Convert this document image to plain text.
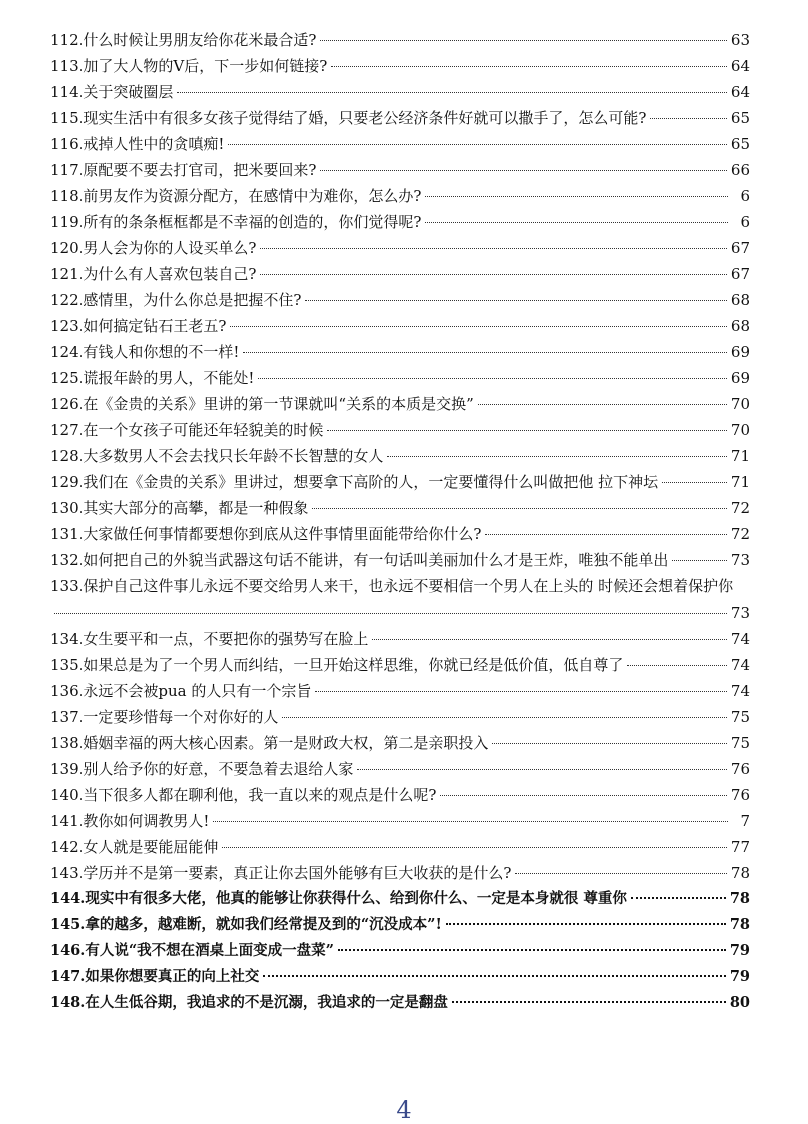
112. 什么时候让男朋友给你花米最合适?	63
113. 加了大人物的V后，下一步如何链接?	64
114. 关于突破圈层	64
115. 现实生活中有很多女孩子觉得结了婚，只要老公经济条件好就可以撒手了，怎么可能?	65
116. 戒掉人性中的贪嗔痴!	65
117. 原配要不要去打官司，把米要回来?	66
118. 前男友作为资源分配方，在感情中为难你，怎么办?	6
119. 所有的条条框框都是不幸福的创造的，你们觉得呢?	6
120. 男人会为你的人设买单么?	67
121. 为什么有人喜欢包装自己?	67
122. 感情里，为什么你总是把握不住?	68
123. 如何搞定钻石王老五?	68
124. 有钱人和你想的不一样!	69
125. 谎报年龄的男人，不能处!	69
126. 在《金贵的关系》里讲的第一节课就叫“关系的本质是交换”	70
127. 在一个女孩子可能还年轻貌美的时候	70
128. 大多数男人不会去找只长年龄不长智慧的女人	71
129. 我们在《金贵的关系》里讲过，想要拿下高阶的人，一定要懂得什么叫做把他 拉下神坛	71
130. 其实大部分的高攀，都是一种假象	72
131. 大家做任何事情都要想你到底从这件事情里面能带给你什么?	72
132. 如何把自己的外貌当武器这句话不能讲，有一句话叫美丽加什么才是王炸，唯独不能单出	73
133.保护自己这件事儿永远不要交给男人来干，也永远不要相信一个男人在上头的 时候还会想着保护你
73
134. 女生要平和一点，不要把你的强势写在脸上	74
135. 如果总是为了一个男人而纠结，一旦开始这样思维，你就已经是低价值，低自尊了	74
136. 永远不会被pua 的人只有一个宗旨	74
137. 一定要珍惜每一个对你好的人	75
138. 婚姻幸福的两大核心因素。第一是财政大权，第二是亲职投入	75
139. 别人给予你的好意，不要急着去退给人家	76
140. 当下很多人都在聊利他，我一直以来的观点是什么呢?	76
141. 教你如何调教男人!	7
142. 女人就是要能屈能伸	77
143. 学历并不是第一要素，真正让你去国外能够有巨大收获的是什么?	78
144. 现实中有很多大佬，他真的能够让你获得什么、给到你什么、一定是本身就很 尊重你	78
145. 拿的越多，越难断，就如我们经常提及到的“沉没成本”!	78
146. 有人说“我不想在酒桌上面变成一盘菜”	79
147. 如果你想要真正的向上社交	79
148. 在人生低谷期，我追求的不是沉溺，我追求的一定是翻盘	80
4
